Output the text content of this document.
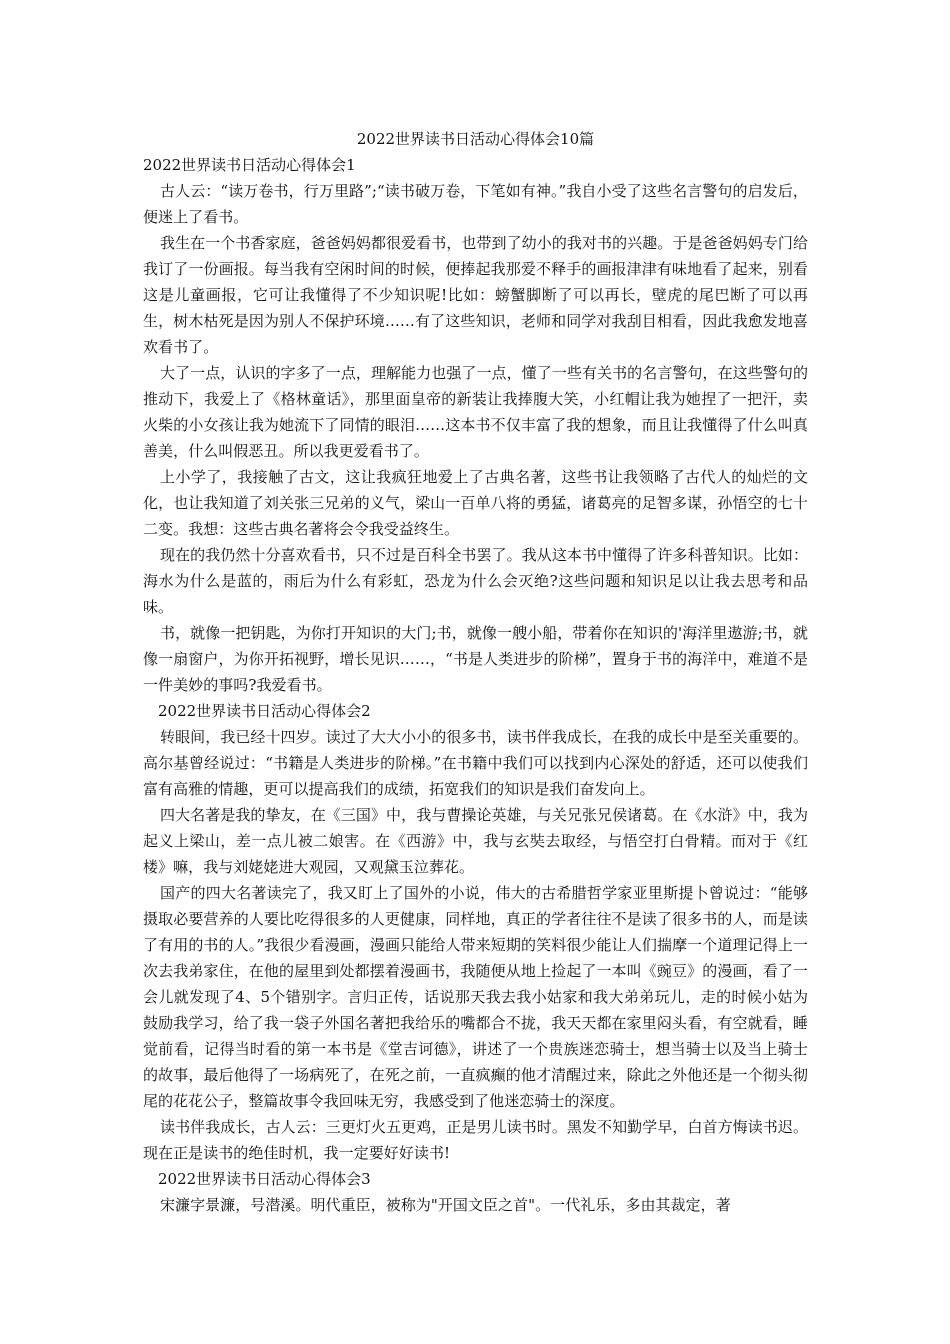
2022世界读书日活动心得体会10篇
2022世界读书日活动心得体会1

古人云：“读万卷书，行万里路”;“读书破万卷，下笔如有神。”我自小受了这些名言警句的启发后，便迷上了看书。

我生在一个书香家庭，爸爸妈妈都很爱看书，也带到了幼小的我对书的兴趣。于是爸爸妈妈专门给我订了一份画报。每当我有空闲时间的时候，便捧起我那爱不释手的画报津津有味地看了起来，别看这是儿童画报，它可让我懂得了不少知识呢!比如：螃蟹脚断了可以再长，壁虎的尾巴断了可以再生，树木枯死是因为别人不保护环境……有了这些知识，老师和同学对我刮目相看，因此我愈发地喜欢看书了。

大了一点，认识的字多了一点，理解能力也强了一点，懂了一些有关书的名言警句，在这些警句的推动下，我爱上了《格林童话》，那里面皇帝的新装让我捧腹大笑，小红帽让我为她捏了一把汗，卖火柴的小女孩让我为她流下了同情的眼泪……这本书不仅丰富了我的想象，而且让我懂得了什么叫真善美，什么叫假恶丑。所以我更爱看书了。

上小学了，我接触了古文，这让我疯狂地爱上了古典名著，这些书让我领略了古代人的灿烂的文化，也让我知道了刘关张三兄弟的义气，梁山一百单八将的勇猛，诸葛亮的足智多谋，孙悟空的七十二变。我想：这些古典名著将会令我受益终生。

现在的我仍然十分喜欢看书，只不过是百科全书罢了。我从这本书中懂得了许多科普知识。比如：海水为什么是蓝的，雨后为什么有彩虹，恐龙为什么会灭绝?这些问题和知识足以让我去思考和品味。

书，就像一把钥匙，为你打开知识的大门;书，就像一艘小船，带着你在知识的'海洋里遨游;书，就像一扇窗户，为你开拓视野，增长见识……，“书是人类进步的阶梯”，置身于书的海洋中，难道不是一件美妙的事吗?我爱看书。

2022世界读书日活动心得体会2

转眼间，我已经十四岁。读过了大大小小的很多书，读书伴我成长，在我的成长中是至关重要的。高尔基曾经说过：“书籍是人类进步的阶梯。”在书籍中我们可以找到内心深处的舒适，还可以使我们富有高雅的情趣，更可以提高我们的成绩，拓宽我们的知识是我们奋发向上。

四大名著是我的挚友，在《三国》中，我与曹操论英雄，与关兄张兄侯诸葛。在《水浒》中，我为起义上梁山，差一点儿被二娘害。在《西游》中，我与玄奘去取经，与悟空打白骨精。而对于《红楼》嘛，我与刘姥姥进大观园，又观黛玉泣葬花。

国产的四大名著读完了，我又盯上了国外的小说，伟大的古希腊哲学家亚里斯提卜曾说过：“能够摄取必要营养的人要比吃得很多的人更健康，同样地，真正的学者往往不是读了很多书的人，而是读了有用的书的人。”我很少看漫画，漫画只能给人带来短期的笑料很少能让人们揣摩一个道理记得上一次去我弟家住，在他的屋里到处都摆着漫画书，我随便从地上捡起了一本叫《豌豆》的漫画，看了一会儿就发现了4、5个错别字。言归正传，话说那天我去我小姑家和我大弟弟玩儿，走的时候小姑为鼓励我学习，给了我一袋子外国名著把我给乐的嘴都合不拢，我天天都在家里闷头看，有空就看，睡觉前看，记得当时看的第一本书是《堂吉诃德》，讲述了一个贵族迷恋骑士，想当骑士以及当上骑士的故事，最后他得了一场病死了，在死之前，一直疯癫的他才清醒过来，除此之外他还是一个彻头彻尾的花花公子，整篇故事令我回味无穷，我感受到了他迷恋骑士的深度。

读书伴我成长，古人云：三更灯火五更鸡，正是男儿读书时。黑发不知勤学早，白首方悔读书迟。现在正是读书的绝佳时机，我一定要好好读书!

2022世界读书日活动心得体会3

宋濂字景濂，号潜溪。明代重臣，被称为"开国文臣之首"。一代礼乐，多由其裁定，著
